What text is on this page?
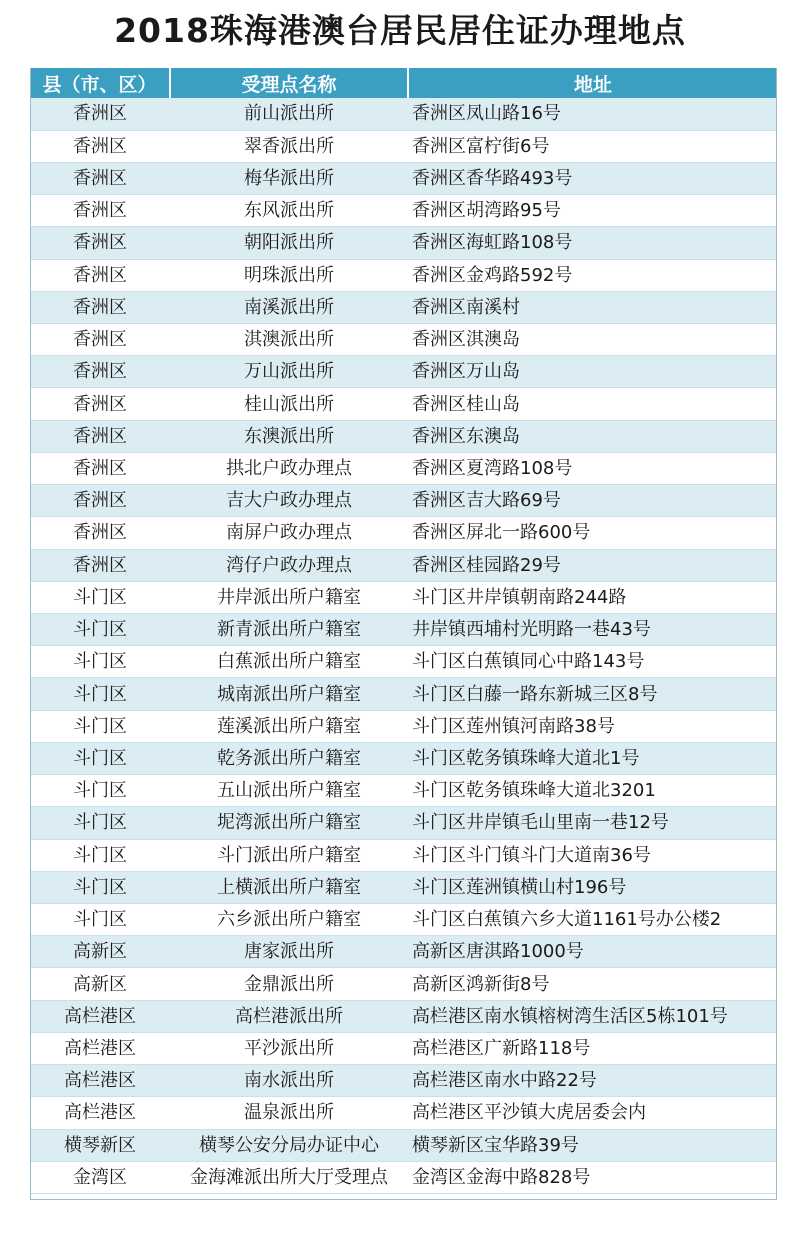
2018珠海港澳台居民居住证办理地点
县（市、区）	受理点名称	地址
香洲区	前山派出所	香洲区凤山路16号
香洲区	翠香派出所	香洲区富柠街6号
香洲区	梅华派出所	香洲区香华路493号
香洲区	东风派出所	香洲区胡湾路95号
香洲区	朝阳派出所	香洲区海虹路108号
香洲区	明珠派出所	香洲区金鸡路592号
香洲区	南溪派出所	香洲区南溪村
香洲区	淇澳派出所	香洲区淇澳岛
香洲区	万山派出所	香洲区万山岛
香洲区	桂山派出所	香洲区桂山岛
香洲区	东澳派出所	香洲区东澳岛
香洲区	拱北户政办理点	香洲区夏湾路108号
香洲区	吉大户政办理点	香洲区吉大路69号
香洲区	南屏户政办理点	香洲区屏北一路600号
香洲区	湾仔户政办理点	香洲区桂园路29号
斗门区	井岸派出所户籍室	斗门区井岸镇朝南路244路
斗门区	新青派出所户籍室	井岸镇西埔村光明路一巷43号
斗门区	白蕉派出所户籍室	斗门区白蕉镇同心中路143号
斗门区	城南派出所户籍室	斗门区白藤一路东新城三区8号
斗门区	莲溪派出所户籍室	斗门区莲州镇河南路38号
斗门区	乾务派出所户籍室	斗门区乾务镇珠峰大道北1号
斗门区	五山派出所户籍室	斗门区乾务镇珠峰大道北3201
斗门区	坭湾派出所户籍室	斗门区井岸镇毛山里南一巷12号
斗门区	斗门派出所户籍室	斗门区斗门镇斗门大道南36号
斗门区	上横派出所户籍室	斗门区莲洲镇横山村196号
斗门区	六乡派出所户籍室	斗门区白蕉镇六乡大道1161号办公楼2
高新区	唐家派出所	高新区唐淇路1000号
高新区	金鼎派出所	高新区鸿新街8号
高栏港区	高栏港派出所	高栏港区南水镇榕树湾生活区5栋101号
高栏港区	平沙派出所	高栏港区广新路118号
高栏港区	南水派出所	高栏港区南水中路22号
高栏港区	温泉派出所	高栏港区平沙镇大虎居委会内
横琴新区	横琴公安分局办证中心	横琴新区宝华路39号
金湾区	金海滩派出所大厅受理点	金湾区金海中路828号
